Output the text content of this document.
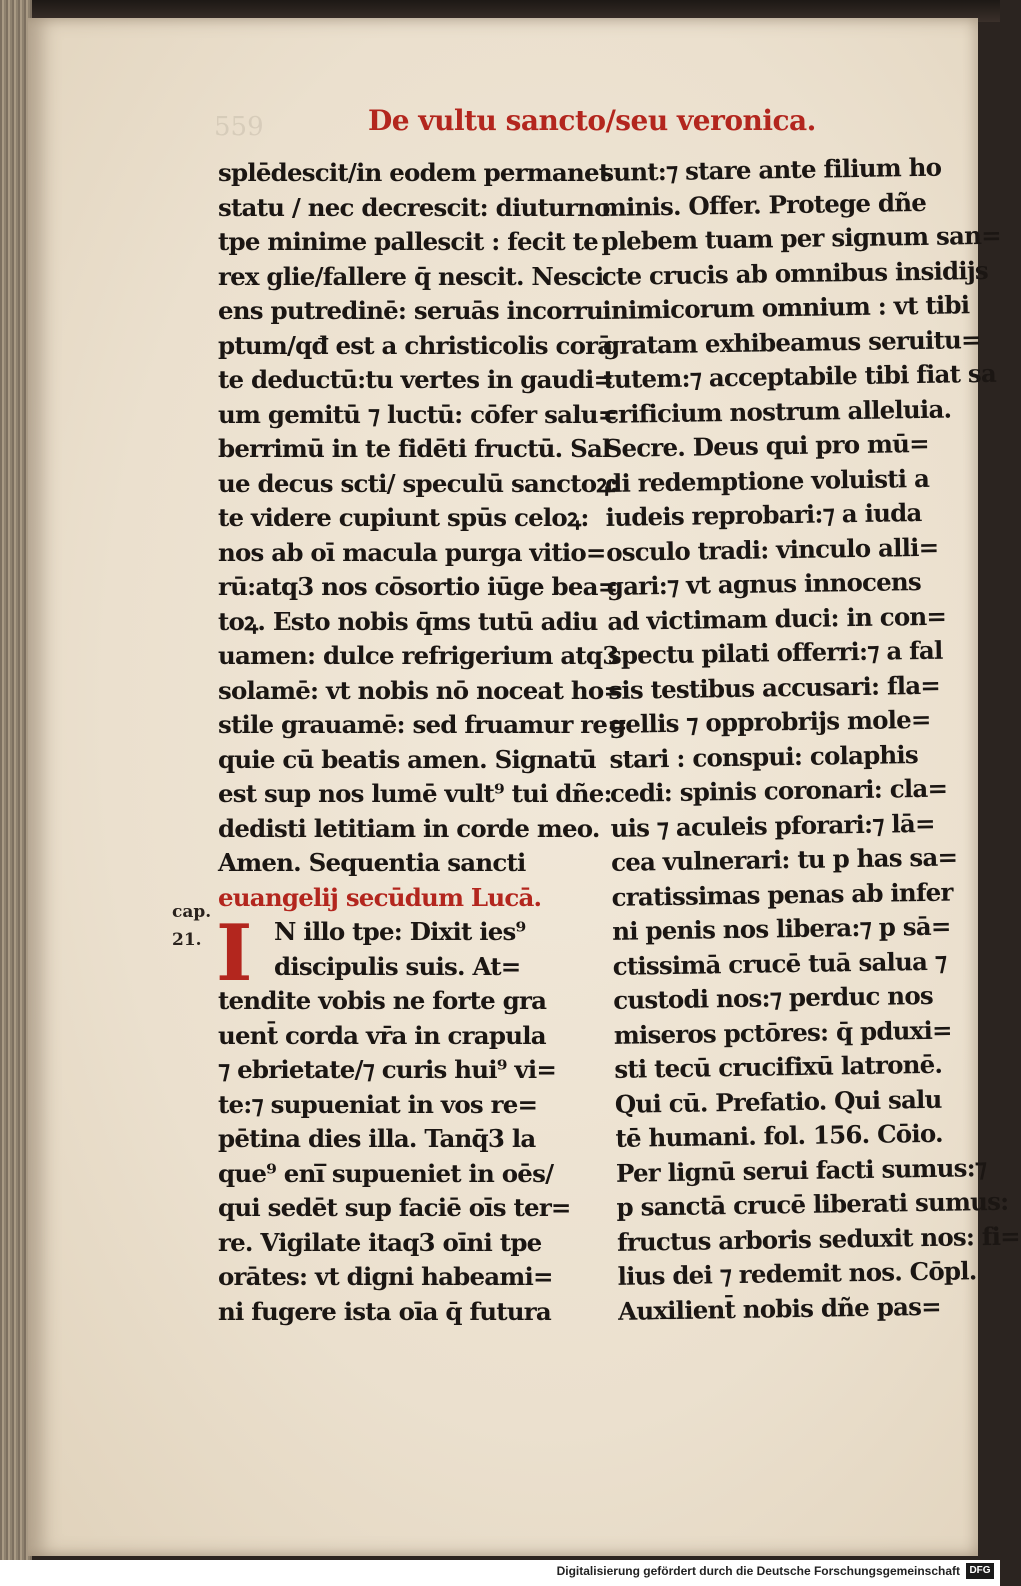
559	De vultu sancto/seu veronica.
cap.
21. I
splēdescit/in eodem permanet
statu / nec decrescit: diuturno
tpe minime pallescit : fecit te
rex glie/fallere q̄ nescit. Nesci
ens putredinē: seruās incorru
ptum/qđ est a christicolis corā
te deductū:tu vertes in gaudi=
um gemitū ⁊ luctū: cōfer salu=
berrimū in te fidēti fructū. Sal
ue decus scti/ speculū sanctoꝝ:
te videre cupiunt spūs celoꝝ:
nos ab oī macula purga vitio=
rū:atq3 nos cōsortio iūge bea=
toꝝ. Esto nobis q̄ms tutū adiu
uamen: dulce refrigerium atq3
solamē: vt nobis nō noceat ho=
stile grauamē: sed fruamur re=
quie cū beatis amen. Signatū
est sup nos lumē vult⁹ tui dñe:
dedisti letitiam in corde meo.
Amen. Sequentia sancti
euangelij secūdum Lucā.
N illo tpe: Dixit ies⁹
discipulis suis. At=
tendite vobis ne forte gra
uent̄ corda vr̄a in crapula
⁊ ebrietate/⁊ curis hui⁹ vi=
te:⁊ supueniat in vos re=
pētina dies illa. Tanq̄3 la
que⁹ eni̅ supueniet in oēs/
qui sedēt sup faciē oīs ter=
re. Vigilate itaq3 oīni tpe
orātes: vt digni habeami=
ni fugere ista oīa q̄ futura
sunt:⁊ stare ante filium ho
minis. Offer. Protege dñe
plebem tuam per signum san=
cte crucis ab omnibus insidijs
inimicorum omnium : vt tibi
gratam exhibeamus seruitu=
tutem:⁊ acceptabile tibi fiat sa
crificium nostrum alleluia.
Secre. Deus qui pro mū=
di redemptione voluisti a
iudeis reprobari:⁊ a iuda
osculo tradi: vinculo alli=
gari:⁊ vt agnus innocens
ad victimam duci: in con=
spectu pilati offerri:⁊ a fal
sis testibus accusari: fla=
gellis ⁊ opprobrijs mole=
stari : conspui: colaphis
cedi: spinis coronari: cla=
uis ⁊ aculeis pforari:⁊ lā=
cea vulnerari: tu p has sa=
cratissimas penas ab infer
ni penis nos libera:⁊ p sā=
ctissimā crucē tuā salua ⁊
custodi nos:⁊ perduc nos
miseros pctōres: q̄ pduxi=
sti tecū crucifixū latronē.
Qui cū. Prefatio. Qui salu
tē humani. fol. 156. Cōio.
Per lignū serui facti sumus:⁊
p sanctā crucē liberati sumus:
fructus arboris seduxit nos: fi=
lius dei ⁊ redemit nos. Cōpl.
Auxilient̄ nobis dñe pas=
Digitalisierung gefördert durch die Deutsche Forschungsgemeinschaft DFG
